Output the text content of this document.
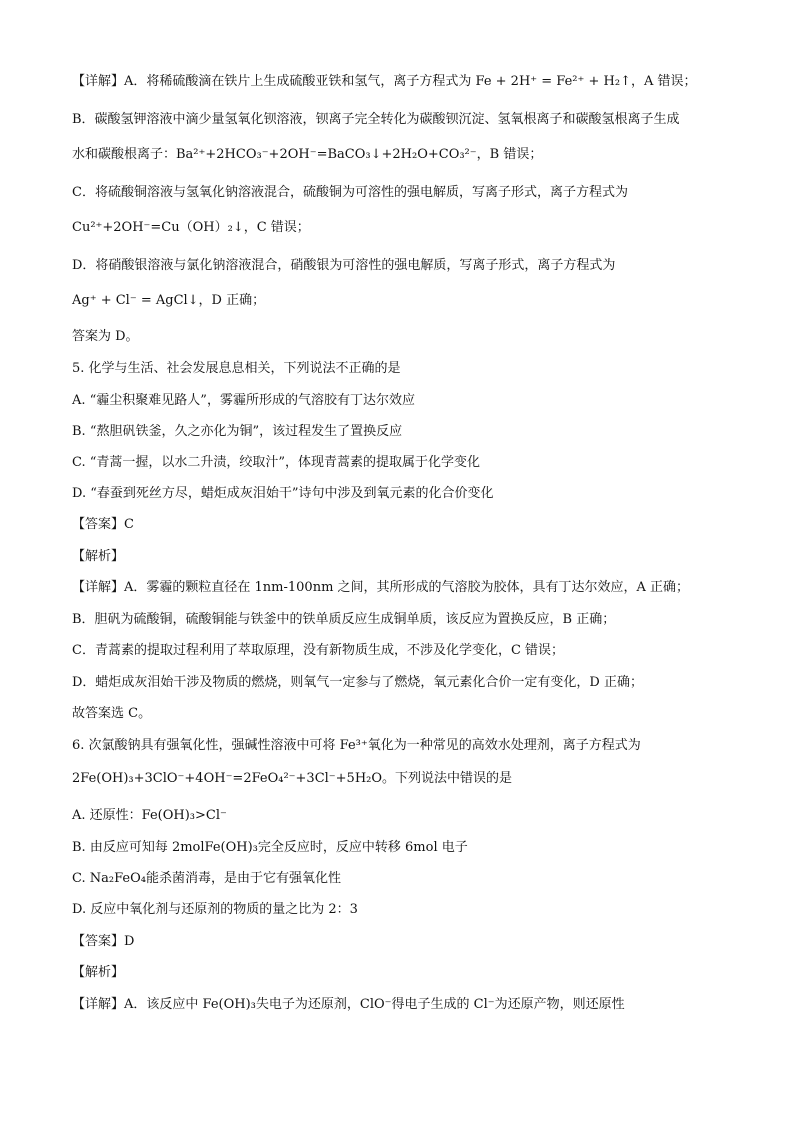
【详解】A．将稀硫酸滴在铁片上生成硫酸亚铁和氢气，离子方程式为 Fe + 2H⁺ = Fe²⁺ + H₂↑，A 错误；
B．碳酸氢钾溶液中滴少量氢氧化钡溶液，钡离子完全转化为碳酸钡沉淀、氢氧根离子和碳酸氢根离子生成
水和碳酸根离子：Ba²⁺+2HCO₃⁻+2OH⁻=BaCO₃↓+2H₂O+CO₃²⁻，B 错误；
C．将硫酸铜溶液与氢氧化钠溶液混合，硫酸铜为可溶性的强电解质，写离子形式，离子方程式为
Cu²⁺+2OH⁻=Cu（OH）₂↓，C 错误；
D．将硝酸银溶液与氯化钠溶液混合，硝酸银为可溶性的强电解质，写离子形式，离子方程式为
Ag⁺ + Cl⁻ = AgCl↓，D 正确；
答案为 D。
5. 化学与生活、社会发展息息相关，下列说法不正确的是
A. “霾尘积聚难见路人”，雾霾所形成的气溶胶有丁达尔效应
B. “熬胆矾铁釜，久之亦化为铜”，该过程发生了置换反应
C. “青蒿一握，以水二升渍，绞取汁”，体现青蒿素的提取属于化学变化
D. “春蚕到死丝方尽，蜡炬成灰泪始干”诗句中涉及到氧元素的化合价变化
【答案】C
【解析】
【详解】A．雾霾的颗粒直径在 1nm-100nm 之间，其所形成的气溶胶为胶体，具有丁达尔效应，A 正确；
B．胆矾为硫酸铜，硫酸铜能与铁釜中的铁单质反应生成铜单质，该反应为置换反应，B 正确；
C．青蒿素的提取过程利用了萃取原理，没有新物质生成，不涉及化学变化，C 错误；
D．蜡炬成灰泪始干涉及物质的燃烧，则氧气一定参与了燃烧，氧元素化合价一定有变化，D 正确；
故答案选 C。
6. 次氯酸钠具有强氧化性，强碱性溶液中可将 Fe³⁺氧化为一种常见的高效水处理剂，离子方程式为
2Fe(OH)₃+3ClO⁻+4OH⁻=2FeO₄²⁻+3Cl⁻+5H₂O。下列说法中错误的是
A. 还原性：Fe(OH)₃>Cl⁻
B. 由反应可知每 2molFe(OH)₃完全反应时，反应中转移 6mol 电子
C. Na₂FeO₄能杀菌消毒，是由于它有强氧化性
D. 反应中氧化剂与还原剂的物质的量之比为 2：3
【答案】D
【解析】
【详解】A．该反应中 Fe(OH)₃失电子为还原剂，ClO⁻得电子生成的 Cl⁻为还原产物，则还原性
